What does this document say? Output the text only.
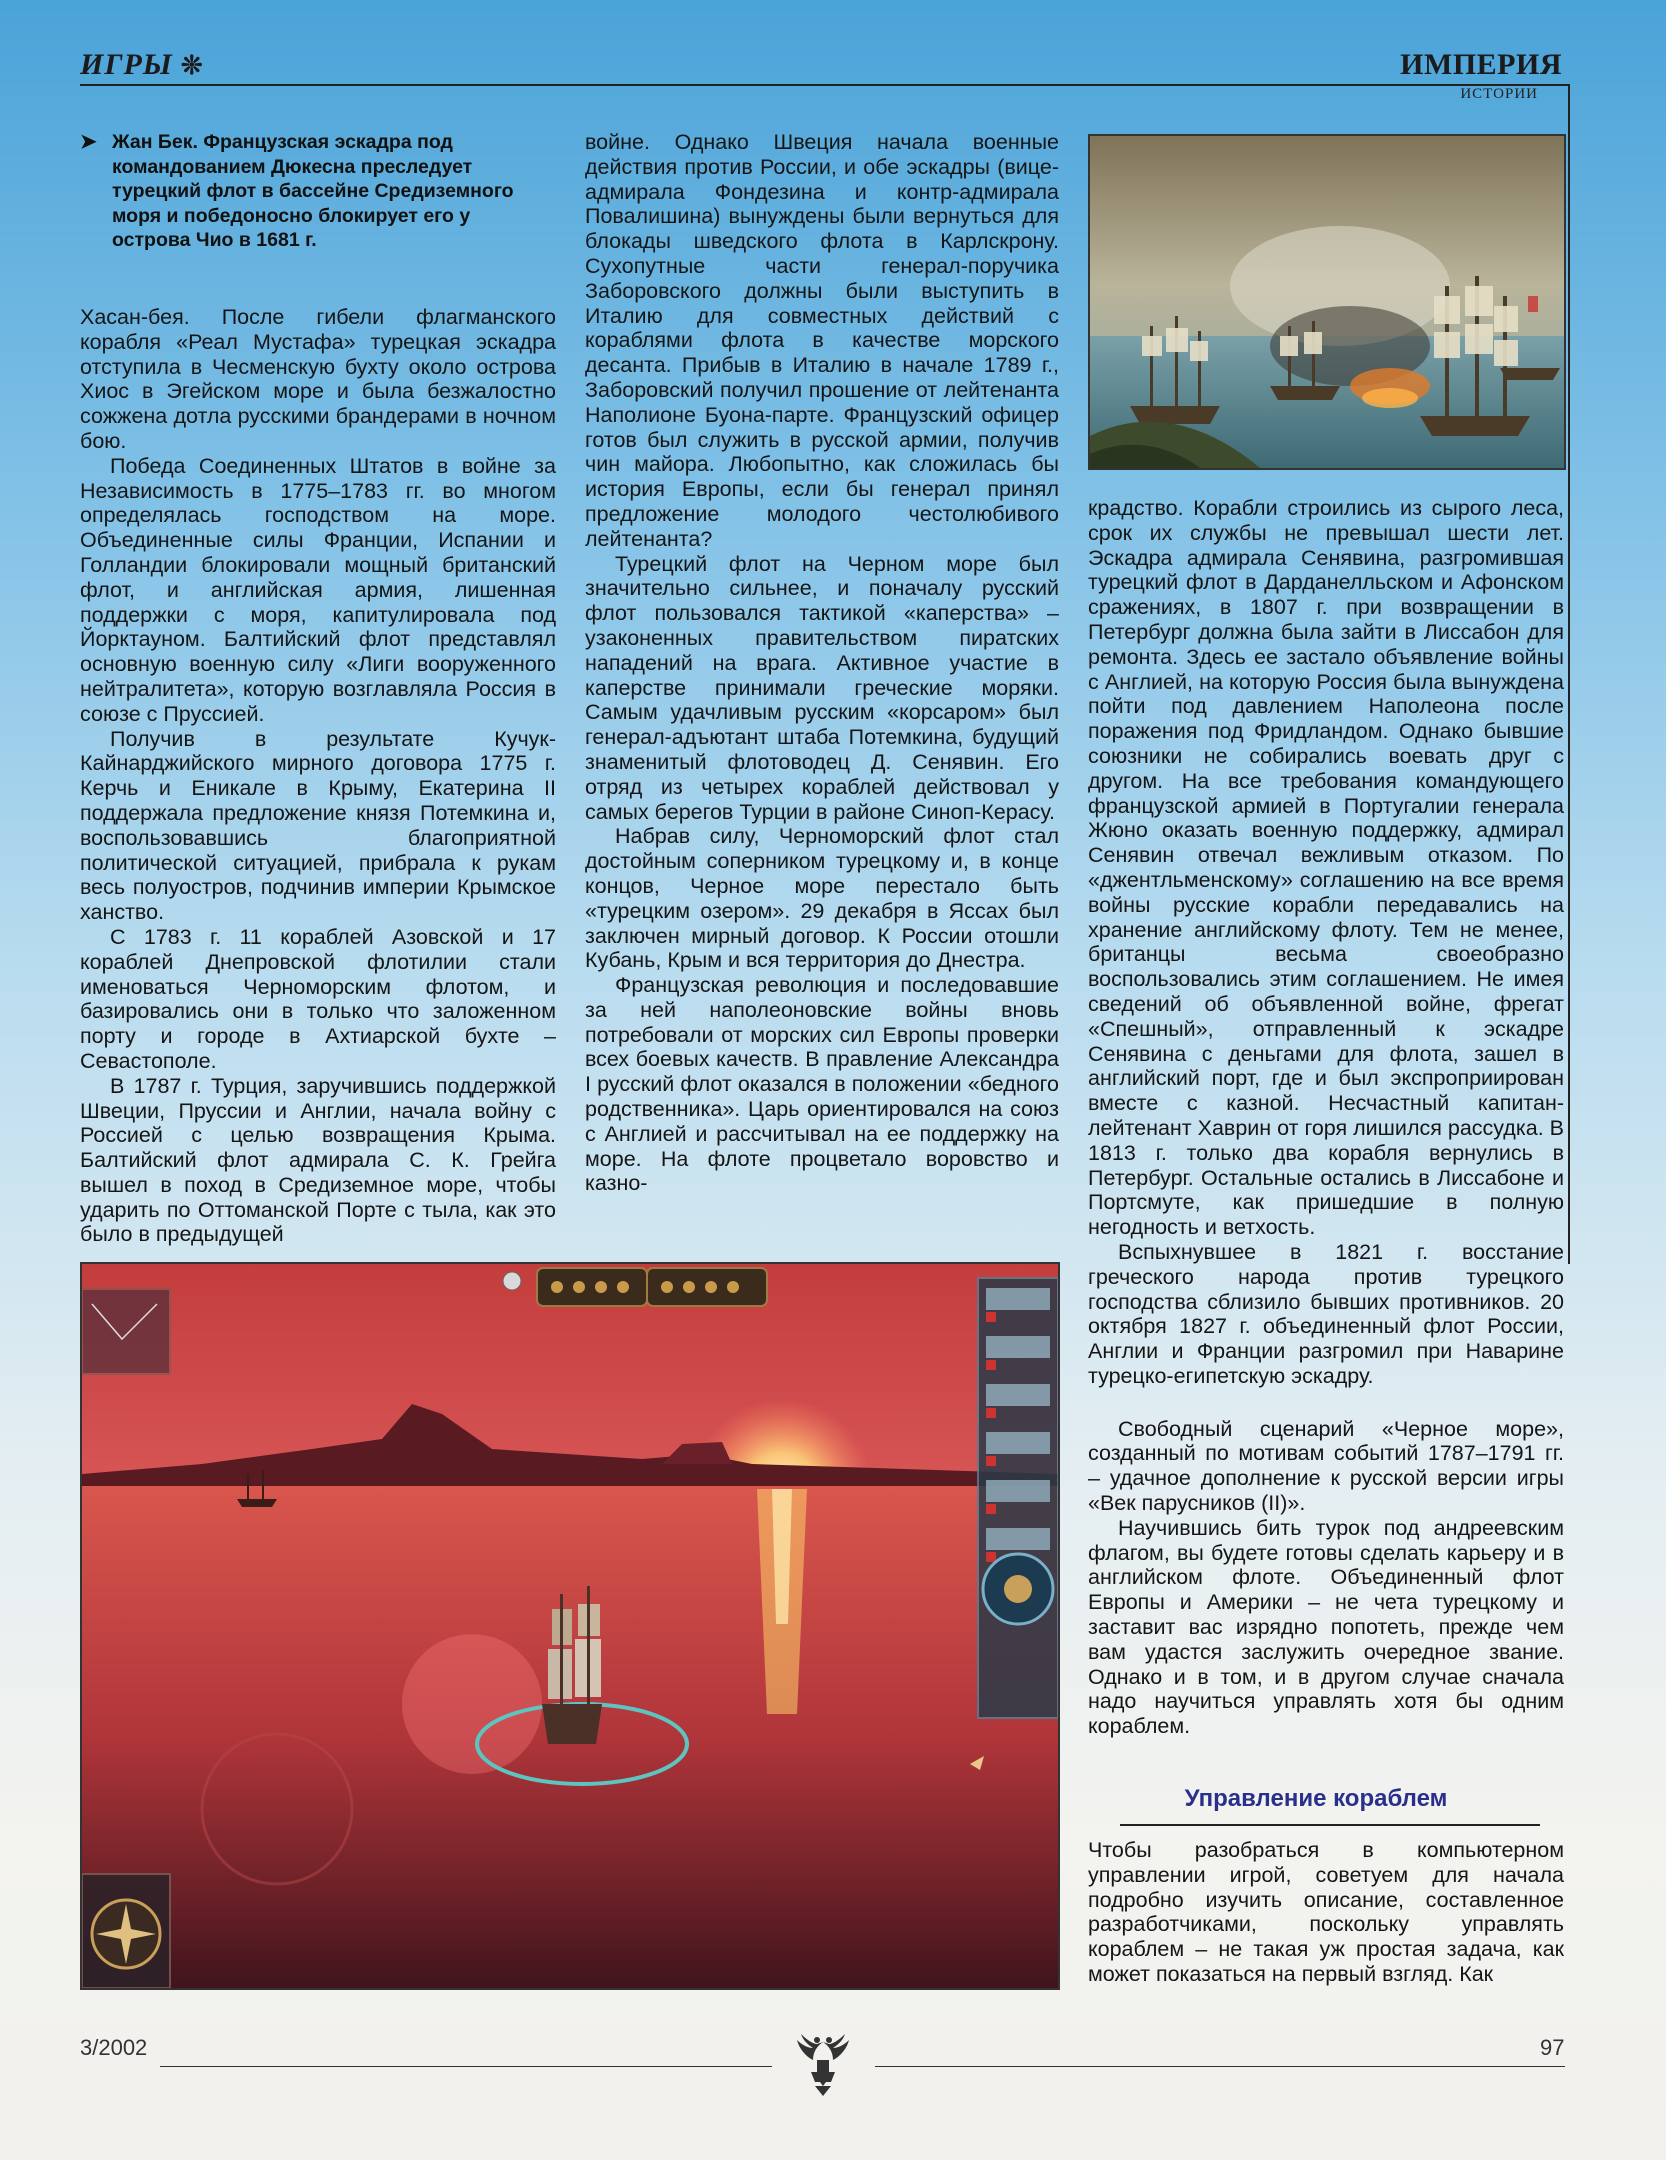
ИГРЫ ❊	ИМПЕРИЯ
ИСТОРИИ
➤ Жан Бек. Французская эскадра под командованием Дюкесна преследует турецкий флот в бассейне Средиземного моря и победоносно блокирует его у острова Чио в 1681 г.

Хасан-бея. После гибели флагманского корабля «Реал Мустафа» турецкая эскадра отступила в Чесменскую бухту около острова Хиос в Эгейском море и была безжалостно сожжена дотла русскими брандерами в ночном бою.

Победа Соединенных Штатов в войне за Независимость в 1775–1783 гг. во многом определялась господством на море. Объединенные силы Франции, Испании и Голландии блокировали мощный британский флот, и английская армия, лишенная поддержки с моря, капитулировала под Йорктауном. Балтийский флот представлял основную военную силу «Лиги вооруженного нейтралитета», которую возглавляла Россия в союзе с Пруссией.

Получив в результате Кучук-Кайнарджийского мирного договора 1775 г. Керчь и Еникале в Крыму, Екатерина II поддержала предложение князя Потемкина и, воспользовавшись благоприятной политической ситуацией, прибрала к рукам весь полуостров, подчинив империи Крымское ханство.

С 1783 г. 11 кораблей Азовской и 17 кораблей Днепровской флотилии стали именоваться Черноморским флотом, и базировались они в только что заложенном порту и городе в Ахтиарской бухте – Севастополе.

В 1787 г. Турция, заручившись поддержкой Швеции, Пруссии и Англии, начала войну с Россией с целью возвращения Крыма. Балтийский флот адмирала С. К. Грейга вышел в поход в Средиземное море, чтобы ударить по Оттоманской Порте с тыла, как это было в предыдущей

войне. Однако Швеция начала военные действия против России, и обе эскадры (вице-адмирала Фондезина и контр-адмирала Повалишина) вынуждены были вернуться для блокады шведского флота в Карлскрону. Сухопутные части генерал-поручика Заборовского должны были выступить в Италию для совместных действий с кораблями флота в качестве морского десанта. Прибыв в Италию в начале 1789 г., Заборовский получил прошение от лейтенанта Наполионе Буона-парте. Французский офицер готов был служить в русской армии, получив чин майора. Любопытно, как сложилась бы история Европы, если бы генерал принял предложение молодого честолюбивого лейтенанта?

Турецкий флот на Черном море был значительно сильнее, и поначалу русский флот пользовался тактикой «каперства» – узаконенных правительством пиратских нападений на врага. Активное участие в каперстве принимали греческие моряки. Самым удачливым русским «корсаром» был генерал-адъютант штаба Потемкина, будущий знаменитый флотоводец Д. Сенявин. Его отряд из четырех кораблей действовал у самых берегов Турции в районе Синоп-Керасу.

Набрав силу, Черноморский флот стал достойным соперником турецкому и, в конце концов, Черное море перестало быть «турецким озером». 29 декабря в Яссах был заключен мирный договор. К России отошли Кубань, Крым и вся территория до Днестра.

Французская революция и последовавшие за ней наполеоновские войны вновь потребовали от морских сил Европы проверки всех боевых качеств. В правление Александра I русский флот оказался в положении «бедного родственника». Царь ориентировался на союз с Англией и рассчитывал на ее поддержку на море. На флоте процветало воровство и казно-

крадство. Корабли строились из сырого леса, срок их службы не превышал шести лет. Эскадра адмирала Сенявина, разгромившая турецкий флот в Дарданелльском и Афонском сражениях, в 1807 г. при возвращении в Петербург должна была зайти в Лиссабон для ремонта. Здесь ее застало объявление войны с Англией, на которую Россия была вынуждена пойти под давлением Наполеона после поражения под Фридландом. Однако бывшие союзники не собирались воевать друг с другом. На все требования командующего французской армией в Португалии генерала Жюно оказать военную поддержку, адмирал Сенявин отвечал вежливым отказом. По «джентльменскому» соглашению на все время войны русские корабли передавались на хранение английскому флоту. Тем не менее, британцы весьма своеобразно воспользовались этим соглашением. Не имея сведений об объявленной войне, фрегат «Спешный», отправленный к эскадре Сенявина с деньгами для флота, зашел в английский порт, где и был экспроприирован вместе с казной. Несчастный капитан-лейтенант Хаврин от горя лишился рассудка. В 1813 г. только два корабля вернулись в Петербург. Остальные остались в Лиссабоне и Портсмуте, как пришедшие в полную негодность и ветхость.

Вспыхнувшее в 1821 г. восстание греческого народа против турецкого господства сблизило бывших противников. 20 октября 1827 г. объединенный флот России, Англии и Франции разгромил при Наварине турецко-египетскую эскадру.

Свободный сценарий «Черное море», созданный по мотивам событий 1787–1791 гг. – удачное дополнение к русской версии игры «Век парусников (II)».

Научившись бить турок под андреевским флагом, вы будете готовы сделать карьеру и в английском флоте. Объединенный флот Европы и Америки – не чета турецкому и заставит вас изрядно попотеть, прежде чем вам удастся заслужить очередное звание. Однако и в том, и в другом случае сначала надо научиться управлять хотя бы одним кораблем.

Управление кораблем

Чтобы разобраться в компьютерном управлении игрой, советуем для начала подробно изучить описание, составленное разработчиками, поскольку управлять кораблем – не такая уж простая задача, как может показаться на первый взгляд. Как

3/2002	97
